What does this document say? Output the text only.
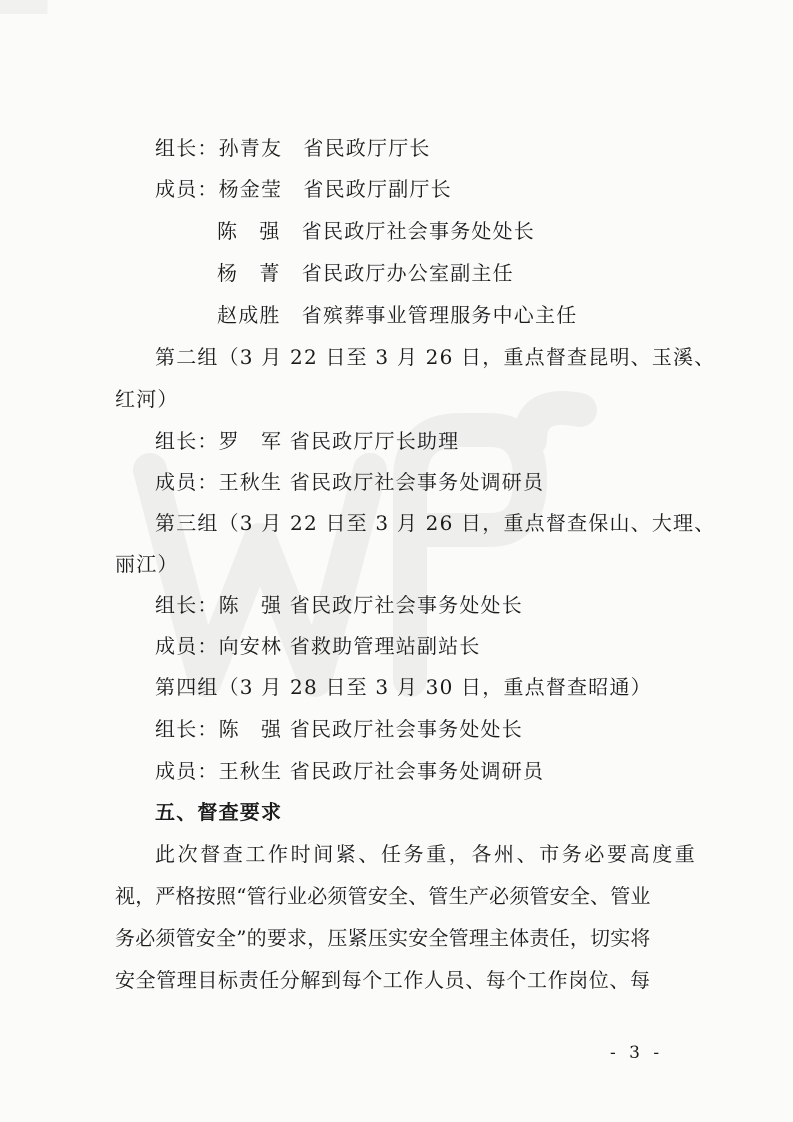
组长：孙青友　省民政厅厅长
成员：杨金莹　省民政厅副厅长
陈　强　省民政厅社会事务处处长
杨　菁　省民政厅办公室副主任
赵成胜　省殡葬事业管理服务中心主任
第二组（3 月 22 日至 3 月 26 日，重点督查昆明、玉溪、
红河）
组长：罗　军 省民政厅厅长助理
成员：王秋生 省民政厅社会事务处调研员
第三组（3 月 22 日至 3 月 26 日，重点督查保山、大理、
丽江）
组长：陈　强 省民政厅社会事务处处长
成员：向安林 省救助管理站副站长
第四组（3 月 28 日至 3 月 30 日，重点督查昭通）
组长：陈　强 省民政厅社会事务处处长
成员：王秋生 省民政厅社会事务处调研员
五、督查要求
此次督查工作时间紧、任务重，各州、市务必要高度重
视，严格按照“管行业必须管安全、管生产必须管安全、管业
务必须管安全”的要求，压紧压实安全管理主体责任，切实将
安全管理目标责任分解到每个工作人员、每个工作岗位、每
- 3 -
